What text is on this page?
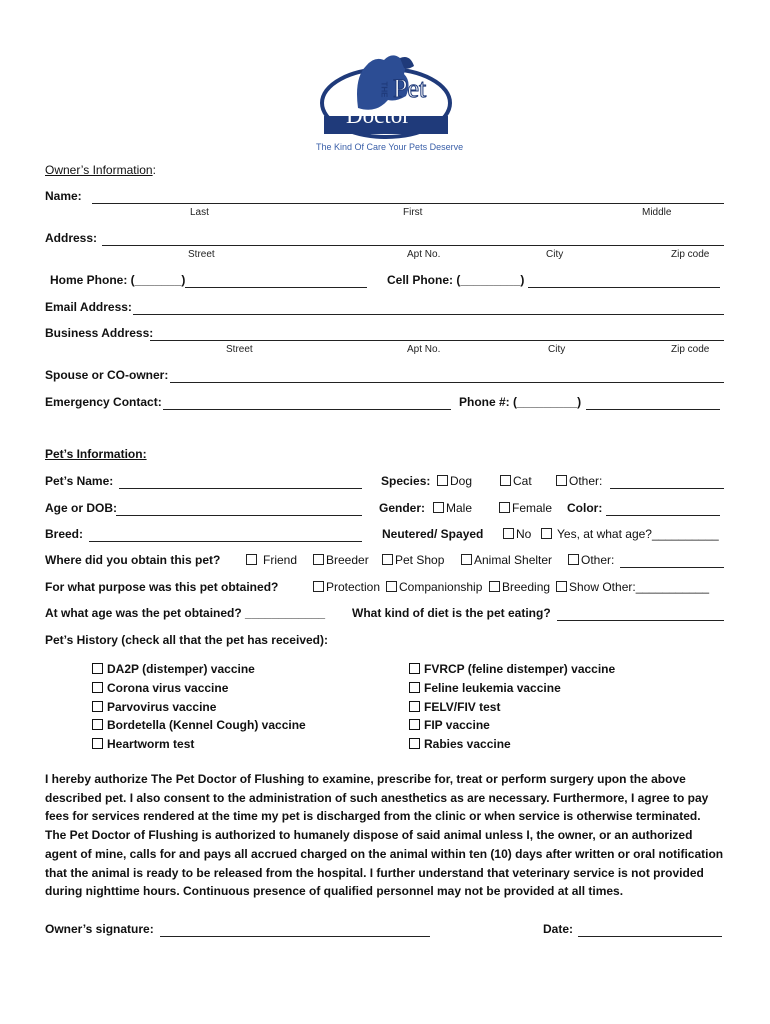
THE Pet
Doctor
The Kind Of Care Your Pets Deserve
Owner’s Information:
Name:
Last	First	Middle
Address:
Street	Apt No.	City	Zip code
Home Phone: (_______)	Cell Phone: (_________)
Email Address:
Business Address:
Street	Apt No.	City	Zip code
Spouse or CO-owner:
Emergency Contact:	Phone #: (_________)
Pet’s Information:
Pet’s Name:	Species:	Dog	Cat	Other:
Age or DOB:	Gender:	Male	Female Color:
Breed:	Neutered/ Spayed	No	Yes, at what age?__________
Where did you obtain this pet?	Friend	Breeder	Pet Shop	Animal Shelter	Other:
For what purpose was this pet obtained?	Protection	Companionship	Breeding	Show Other:___________
At what age was the pet obtained? ____________ What kind of diet is the pet eating?
Pet’s History (check all that the pet has received):
DA2P (distemper) vaccine
Corona virus vaccine
Parvovirus vaccine
Bordetella (Kennel Cough) vaccine
Heartworm test
FVRCP (feline distemper) vaccine
Feline leukemia vaccine
FELV/FIV test
FIP vaccine
Rabies vaccine
I hereby authorize The Pet Doctor of Flushing to examine, prescribe for, treat or perform surgery upon the above described pet. I also consent to the administration of such anesthetics as are necessary. Furthermore, I agree to pay fees for services rendered at the time my pet is discharged from the clinic or when service is otherwise terminated. The Pet Doctor of Flushing is authorized to humanely dispose of said animal unless I, the owner, or an authorized agent of mine, calls for and pays all accrued charged on the animal within ten (10) days after written or oral notification that the animal is ready to be released from the hospital. I further understand that veterinary service is not provided during nighttime hours. Continuous presence of qualified personnel may not be provided at all times.
Owner’s signature:	Date:
